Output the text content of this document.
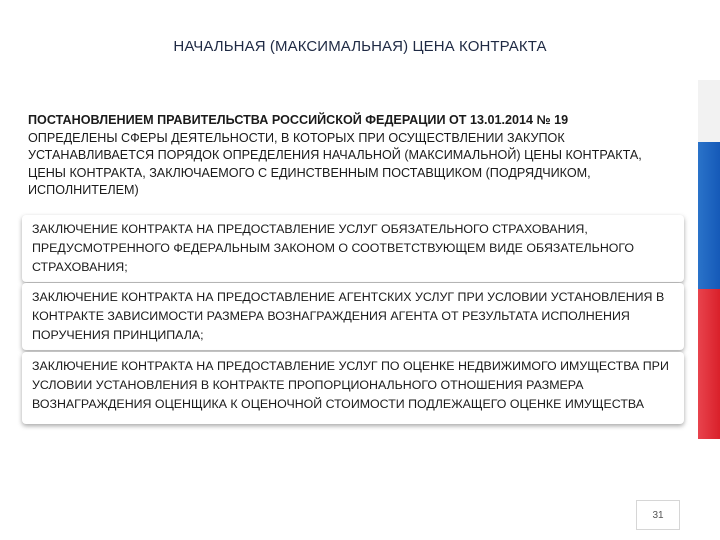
НАЧАЛЬНАЯ (МАКСИМАЛЬНАЯ) ЦЕНА КОНТРАКТА
ПОСТАНОВЛЕНИЕМ ПРАВИТЕЛЬСТВА РОССИЙСКОЙ ФЕДЕРАЦИИ ОТ 13.01.2014 № 19
ОПРЕДЕЛЕНЫ СФЕРЫ ДЕЯТЕЛЬНОСТИ, В КОТОРЫХ ПРИ ОСУЩЕСТВЛЕНИИ ЗАКУПОК УСТАНАВЛИВАЕТСЯ ПОРЯДОК ОПРЕДЕЛЕНИЯ НАЧАЛЬНОЙ (МАКСИМАЛЬНОЙ) ЦЕНЫ КОНТРАКТА, ЦЕНЫ КОНТРАКТА, ЗАКЛЮЧАЕМОГО С ЕДИНСТВЕННЫМ ПОСТАВЩИКОМ (ПОДРЯДЧИКОМ, ИСПОЛНИТЕЛЕМ)
ЗАКЛЮЧЕНИЕ КОНТРАКТА НА ПРЕДОСТАВЛЕНИЕ УСЛУГ ОБЯЗАТЕЛЬНОГО СТРАХОВАНИЯ, ПРЕДУСМОТРЕННОГО ФЕДЕРАЛЬНЫМ ЗАКОНОМ О СООТВЕТСТВУЮЩЕМ ВИДЕ ОБЯЗАТЕЛЬНОГО СТРАХОВАНИЯ;
ЗАКЛЮЧЕНИЕ КОНТРАКТА НА ПРЕДОСТАВЛЕНИЕ АГЕНТСКИХ УСЛУГ ПРИ УСЛОВИИ УСТАНОВЛЕНИЯ В КОНТРАКТЕ ЗАВИСИМОСТИ РАЗМЕРА ВОЗНАГРАЖДЕНИЯ АГЕНТА ОТ РЕЗУЛЬТАТА ИСПОЛНЕНИЯ ПОРУЧЕНИЯ ПРИНЦИПАЛА;
ЗАКЛЮЧЕНИЕ КОНТРАКТА НА ПРЕДОСТАВЛЕНИЕ УСЛУГ ПО ОЦЕНКЕ НЕДВИЖИМОГО ИМУЩЕСТВА ПРИ УСЛОВИИ УСТАНОВЛЕНИЯ В КОНТРАКТЕ ПРОПОРЦИОНАЛЬНОГО ОТНОШЕНИЯ РАЗМЕРА ВОЗНАГРАЖДЕНИЯ ОЦЕНЩИКА К ОЦЕНОЧНОЙ СТОИМОСТИ ПОДЛЕЖАЩЕГО ОЦЕНКЕ ИМУЩЕСТВА
31
